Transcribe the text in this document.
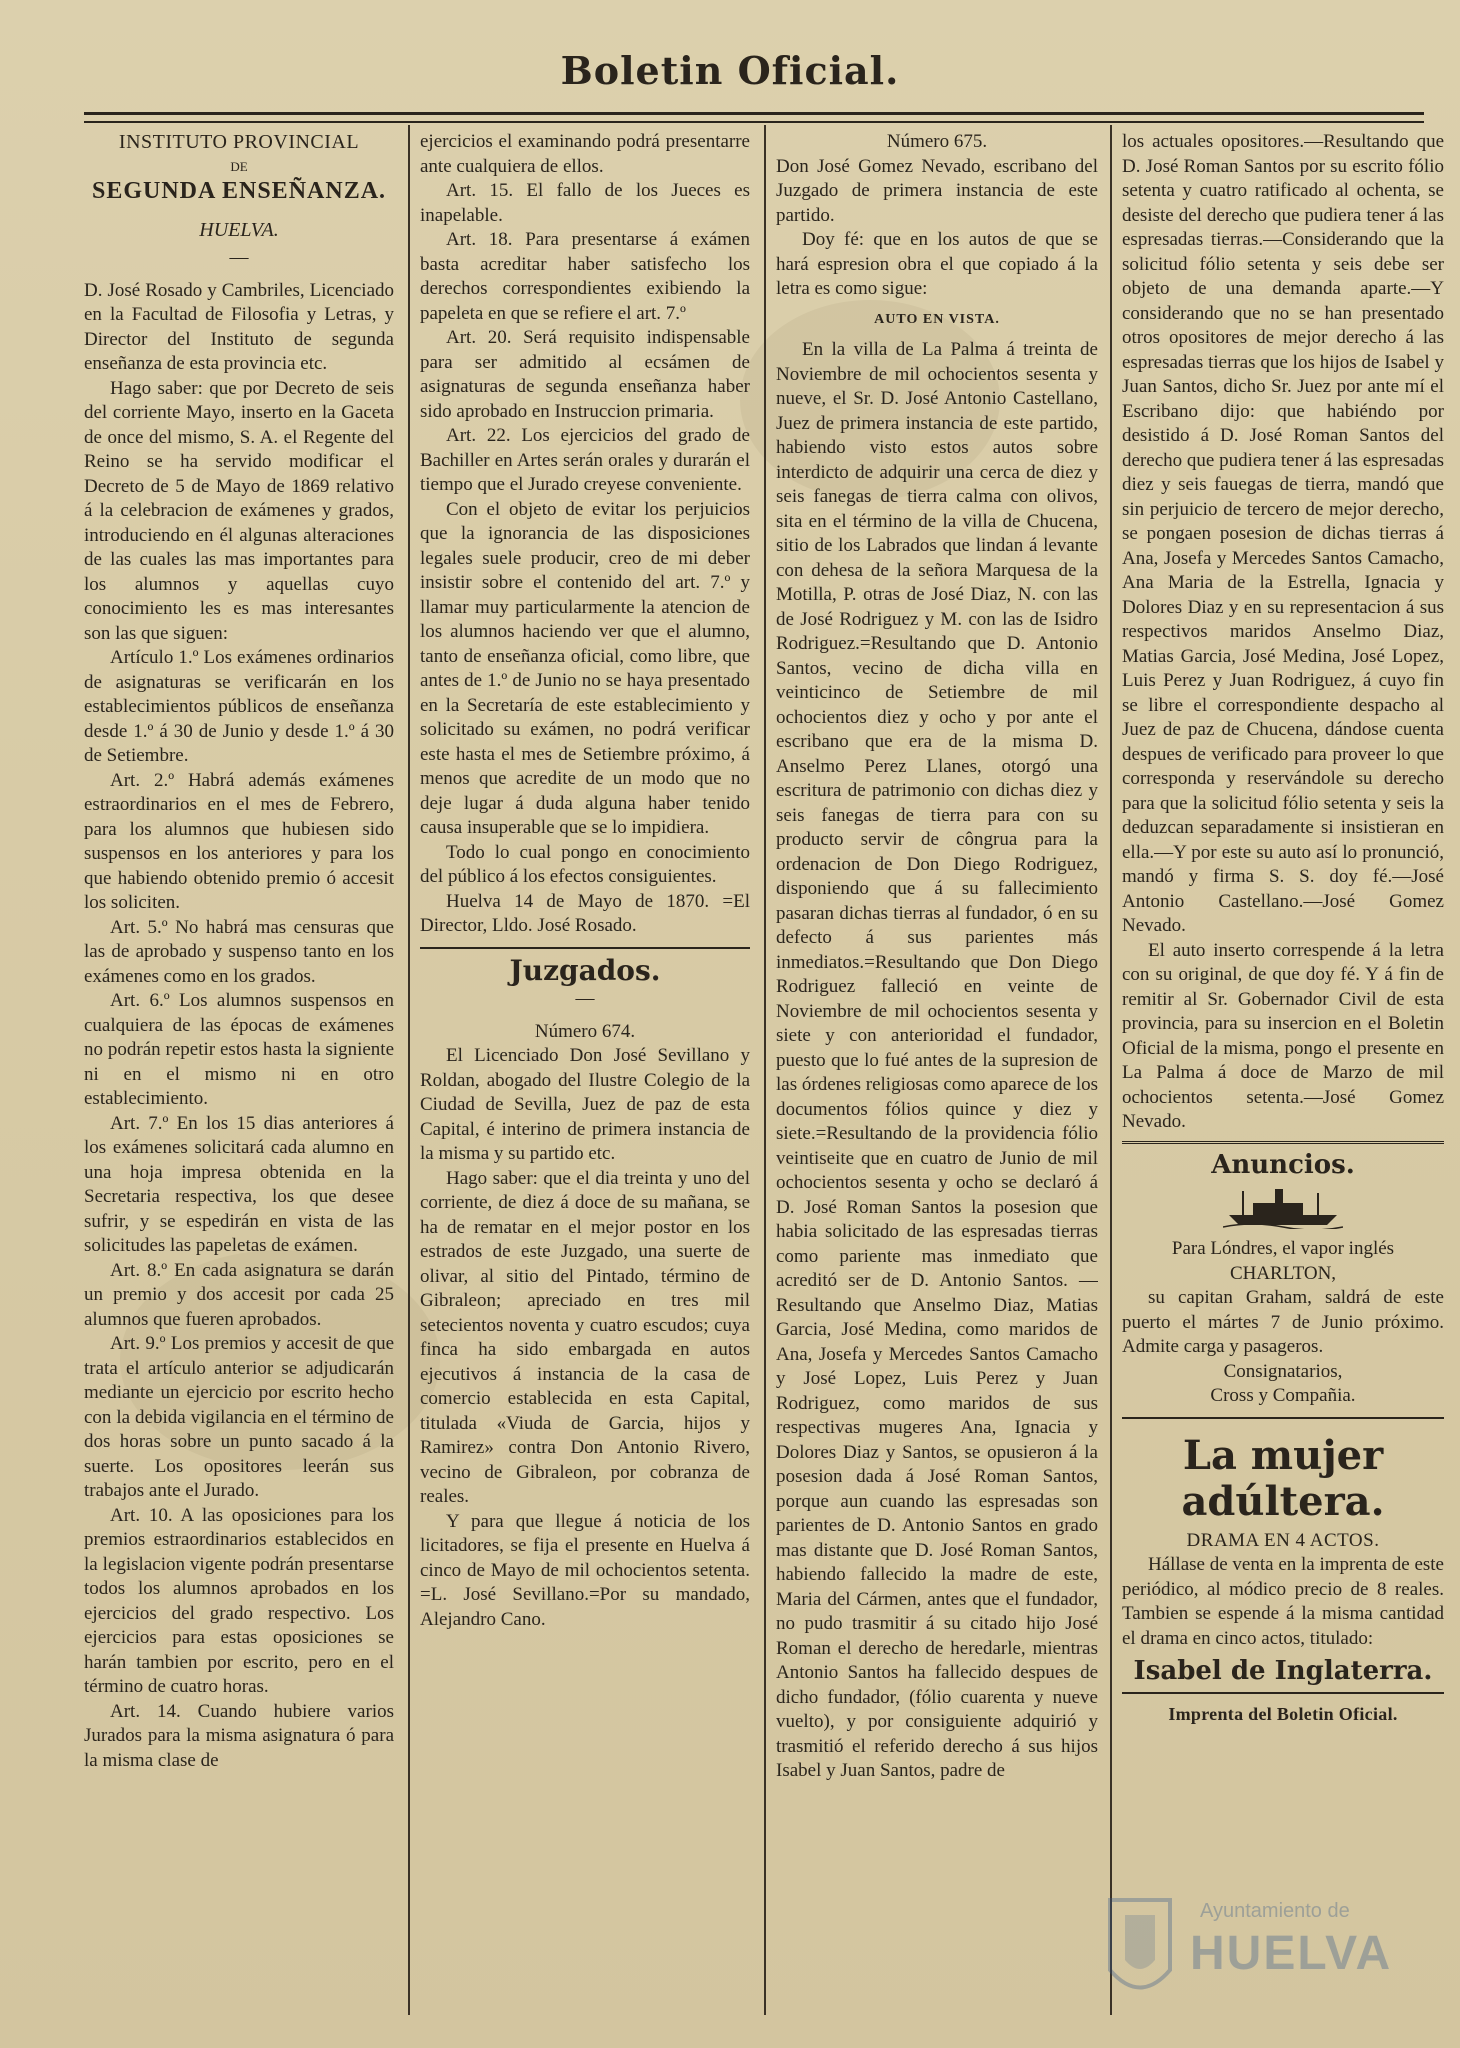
Boletin Oficial.
INSTITUTO PROVINCIAL
DE
SEGUNDA ENSEÑANZA.
HUELVA.
—

D. José Rosado y Cambriles, Licenciado en la Facultad de Filosofia y Letras, y Director del Instituto de segunda enseñanza de esta provincia etc.

Hago saber: que por Decreto de seis del corriente Mayo, inserto en la Gaceta de once del mismo, S. A. el Regente del Reino se ha servido modificar el Decreto de 5 de Mayo de 1869 relativo á la celebracion de exámenes y grados, introduciendo en él algunas alteraciones de las cuales las mas importantes para los alumnos y aquellas cuyo conocimiento les es mas interesantes son las que siguen:

Artículo 1.º Los exámenes ordinarios de asignaturas se verificarán en los establecimientos públicos de enseñanza desde 1.º á 30 de Junio y desde 1.º á 30 de Setiembre.

Art. 2.º Habrá además exámenes estraordinarios en el mes de Febrero, para los alumnos que hubiesen sido suspensos en los anteriores y para los que habiendo obtenido premio ó accesit los soliciten.

Art. 5.º No habrá mas censuras que las de aprobado y suspenso tanto en los exámenes como en los grados.

Art. 6.º Los alumnos suspensos en cualquiera de las épocas de exámenes no podrán repetir estos hasta la signiente ni en el mismo ni en otro establecimiento.

Art. 7.º En los 15 dias anteriores á los exámenes solicitará cada alumno en una hoja impresa obtenida en la Secretaria respectiva, los que desee sufrir, y se espedirán en vista de las solicitudes las papeletas de exámen.

Art. 8.º En cada asignatura se darán un premio y dos accesit por cada 25 alumnos que fueren aprobados.

Art. 9.º Los premios y accesit de que trata el artículo anterior se adjudicarán mediante un ejercicio por escrito hecho con la debida vigilancia en el término de dos horas sobre un punto sacado á la suerte. Los opositores leerán sus trabajos ante el Jurado.

Art. 10. A las oposiciones para los premios estraordinarios establecidos en la legislacion vigente podrán presentarse todos los alumnos aprobados en los ejercicios del grado respectivo. Los ejercicios para estas oposiciones se harán tambien por escrito, pero en el término de cuatro horas.

Art. 14. Cuando hubiere varios Jurados para la misma asignatura ó para la misma clase de

ejercicios el examinando podrá presentarre ante cualquiera de ellos.

Art. 15. El fallo de los Jueces es inapelable.

Art. 18. Para presentarse á exámen basta acreditar haber satisfecho los derechos correspondientes exibiendo la papeleta en que se refiere el art. 7.º

Art. 20. Será requisito indispensable para ser admitido al ecsámen de asignaturas de segunda enseñanza haber sido aprobado en Instruccion primaria.

Art. 22. Los ejercicios del grado de Bachiller en Artes serán orales y durarán el tiempo que el Jurado creyese conveniente.

Con el objeto de evitar los perjuicios que la ignorancia de las disposiciones legales suele producir, creo de mi deber insistir sobre el contenido del art. 7.º y llamar muy particularmente la atencion de los alumnos haciendo ver que el alumno, tanto de enseñanza oficial, como libre, que antes de 1.º de Junio no se haya presentado en la Secretaría de este establecimiento y solicitado su exámen, no podrá verificar este hasta el mes de Setiembre próximo, á menos que acredite de un modo que no deje lugar á duda alguna haber tenido causa insuperable que se lo impidiera.

Todo lo cual pongo en conocimiento del público á los efectos consiguientes.

Huelva 14 de Mayo de 1870. =El Director, Lldo. José Rosado.

Juzgados.
—

Número 674.

El Licenciado Don José Sevillano y Roldan, abogado del Ilustre Colegio de la Ciudad de Sevilla, Juez de paz de esta Capital, é interino de primera instancia de la misma y su partido etc.

Hago saber: que el dia treinta y uno del corriente, de diez á doce de su mañana, se ha de rematar en el mejor postor en los estrados de este Juzgado, una suerte de olivar, al sitio del Pintado, término de Gibraleon; apreciado en tres mil setecientos noventa y cuatro escudos; cuya finca ha sido embargada en autos ejecutivos á instancia de la casa de comercio establecida en esta Capital, titulada «Viuda de Garcia, hijos y Ramirez» contra Don Antonio Rivero, vecino de Gibraleon, por cobranza de reales.

Y para que llegue á noticia de los licitadores, se fija el presente en Huelva á cinco de Mayo de mil ochocientos setenta. =L. José Sevillano.=Por su mandado, Alejandro Cano.

Número 675.

Don José Gomez Nevado, escribano del Juzgado de primera instancia de este partido.

Doy fé: que en los autos de que se hará espresion obra el que copiado á la letra es como sigue:

AUTO EN VISTA.

En la villa de La Palma á treinta de Noviembre de mil ochocientos sesenta y nueve, el Sr. D. José Antonio Castellano, Juez de primera instancia de este partido, habiendo visto estos autos sobre interdicto de adquirir una cerca de diez y seis fanegas de tierra calma con olivos, sita en el término de la villa de Chucena, sitio de los Labrados que lindan á levante con dehesa de la señora Marquesa de la Motilla, P. otras de José Diaz, N. con las de José Rodriguez y M. con las de Isidro Rodriguez.=Resultando que D. Antonio Santos, vecino de dicha villa en veinticinco de Setiembre de mil ochocientos diez y ocho y por ante el escribano que era de la misma D. Anselmo Perez Llanes, otorgó una escritura de patrimonio con dichas diez y seis fanegas de tierra para con su producto servir de côngrua para la ordenacion de Don Diego Rodriguez, disponiendo que á su fallecimiento pasaran dichas tierras al fundador, ó en su defecto á sus parientes más inmediatos.=Resultando que Don Diego Rodriguez falleció en veinte de Noviembre de mil ochocientos sesenta y siete y con anterioridad el fundador, puesto que lo fué antes de la supresion de las órdenes religiosas como aparece de los documentos fólios quince y diez y siete.=Resultando de la providencia fólio veintiseite que en cuatro de Junio de mil ochocientos sesenta y ocho se declaró á D. José Roman Santos la posesion que habia solicitado de las espresadas tierras como pariente mas inmediato que acreditó ser de D. Antonio Santos. —Resultando que Anselmo Diaz, Matias Garcia, José Medina, como maridos de Ana, Josefa y Mercedes Santos Camacho y José Lopez, Luis Perez y Juan Rodriguez, como maridos de sus respectivas mugeres Ana, Ignacia y Dolores Diaz y Santos, se opusieron á la posesion dada á José Roman Santos, porque aun cuando las espresadas son parientes de D. Antonio Santos en grado mas distante que D. José Roman Santos, habiendo fallecido la madre de este, Maria del Cármen, antes que el fundador, no pudo trasmitir á su citado hijo José Roman el derecho de heredarle, mientras Antonio Santos ha fallecido despues de dicho fundador, (fólio cuarenta y nueve vuelto), y por consiguiente adquirió y trasmitió el referido derecho á sus hijos Isabel y Juan Santos, padre de

los actuales opositores.—Resultando que D. José Roman Santos por su escrito fólio setenta y cuatro ratificado al ochenta, se desiste del derecho que pudiera tener á las espresadas tierras.—Considerando que la solicitud fólio setenta y seis debe ser objeto de una demanda aparte.—Y considerando que no se han presentado otros opositores de mejor derecho á las espresadas tierras que los hijos de Isabel y Juan Santos, dicho Sr. Juez por ante mí el Escribano dijo: que habiéndo por desistido á D. José Roman Santos del derecho que pudiera tener á las espresadas diez y seis fauegas de tierra, mandó que sin perjuicio de tercero de mejor derecho, se pongaen posesion de dichas tierras á Ana, Josefa y Mercedes Santos Camacho, Ana Maria de la Estrella, Ignacia y Dolores Diaz y en su representacion á sus respectivos maridos Anselmo Diaz, Matias Garcia, José Medina, José Lopez, Luis Perez y Juan Rodriguez, á cuyo fin se libre el correspondiente despacho al Juez de paz de Chucena, dándose cuenta despues de verificado para proveer lo que corresponda y reservándole su derecho para que la solicitud fólio setenta y seis la deduzcan separadamente si insistieran en ella.—Y por este su auto así lo pronunció, mandó y firma S. S. doy fé.—José Antonio Castellano.—José Gomez Nevado.

El auto inserto correspende á la letra con su original, de que doy fé. Y á fin de remitir al Sr. Gobernador Civil de esta provincia, para su insercion en el Boletin Oficial de la misma, pongo el presente en La Palma á doce de Marzo de mil ochocientos setenta.—José Gomez Nevado.

Anuncios.

Para Lóndres, el vapor inglés

CHARLTON,

su capitan Graham, saldrá de este puerto el mártes 7 de Junio próximo. Admite carga y pasageros.

Consignatarios,

Cross y Compañia.

La mujer adúltera.
DRAMA EN 4 ACTOS.

Hállase de venta en la imprenta de este periódico, al módico precio de 8 reales. Tambien se espende á la misma cantidad el drama en cinco actos, titulado:

Isabel de Inglaterra.
Imprenta del Boletin Oficial.
Ayuntamiento de
HUELVA
